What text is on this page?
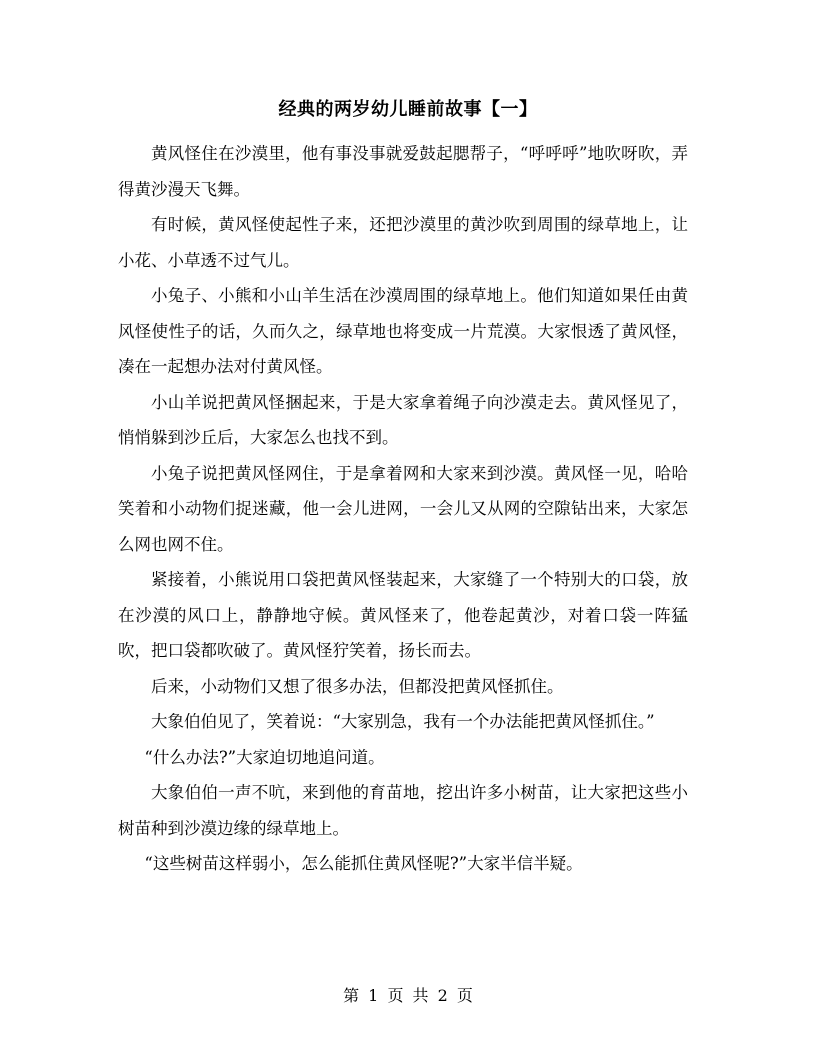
经典的两岁幼儿睡前故事【一】

黄风怪住在沙漠里，他有事没事就爱鼓起腮帮子，“呼呼呼”地吹呀吹，弄得黄沙漫天飞舞。

有时候，黄风怪使起性子来，还把沙漠里的黄沙吹到周围的绿草地上，让小花、小草透不过气儿。

小兔子、小熊和小山羊生活在沙漠周围的绿草地上。他们知道如果任由黄风怪使性子的话，久而久之，绿草地也将变成一片荒漠。大家恨透了黄风怪，凑在一起想办法对付黄风怪。

小山羊说把黄风怪捆起来，于是大家拿着绳子向沙漠走去。黄风怪见了，悄悄躲到沙丘后，大家怎么也找不到。

小兔子说把黄风怪网住，于是拿着网和大家来到沙漠。黄风怪一见，哈哈笑着和小动物们捉迷藏，他一会儿进网，一会儿又从网的空隙钻出来，大家怎么网也网不住。

紧接着，小熊说用口袋把黄风怪装起来，大家缝了一个特别大的口袋，放在沙漠的风口上，静静地守候。黄风怪来了，他卷起黄沙，对着口袋一阵猛吹，把口袋都吹破了。黄风怪狞笑着，扬长而去。

后来，小动物们又想了很多办法，但都没把黄风怪抓住。

大象伯伯见了，笑着说：“大家别急，我有一个办法能把黄风怪抓住。”

“什么办法?”大家迫切地追问道。

大象伯伯一声不吭，来到他的育苗地，挖出许多小树苗，让大家把这些小树苗种到沙漠边缘的绿草地上。

“这些树苗这样弱小，怎么能抓住黄风怪呢?”大家半信半疑。

第 1 页 共 2 页
